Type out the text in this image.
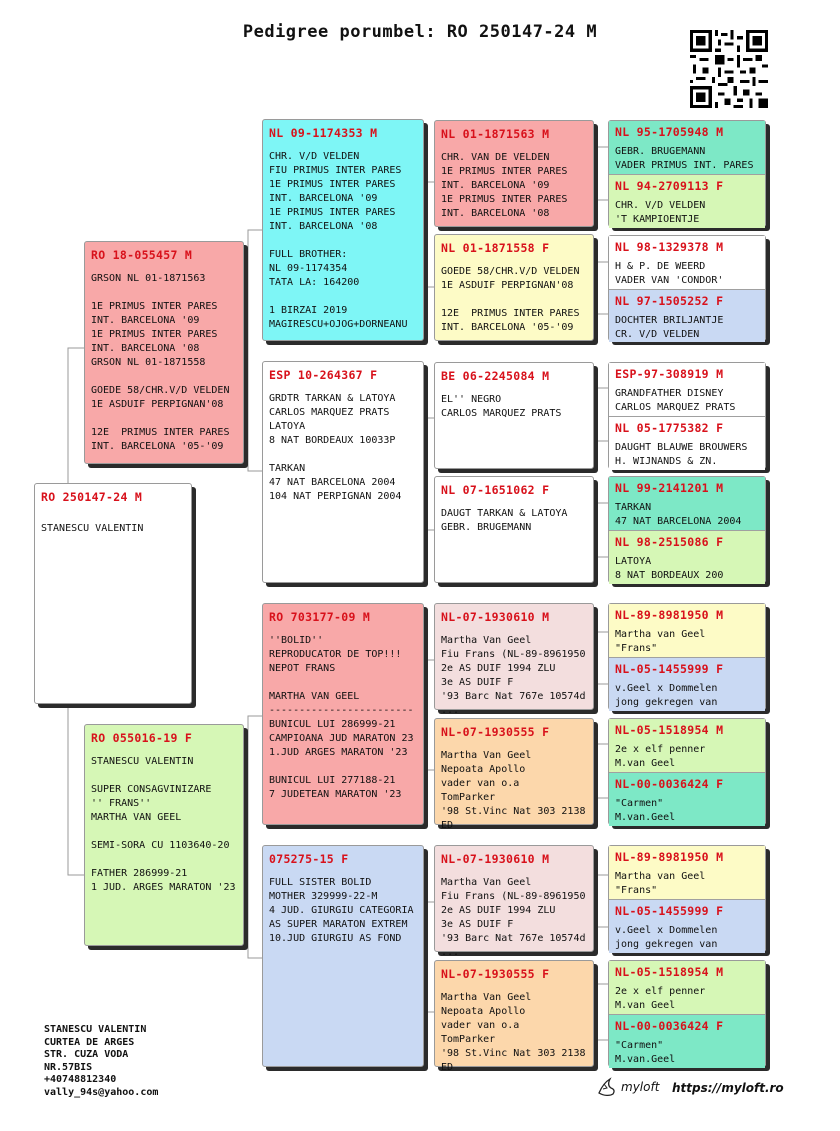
Pedigree porumbel: RO 250147-24 M
RO 250147-24 M
STANESCU VALENTIN
RO 18-055457 M
GRSON NL 01-1871563

1E PRIMUS INTER PARES
INT. BARCELONA '09
1E PRIMUS INTER PARES
INT. BARCELONA '08
GRSON NL 01-1871558

GOEDE 58/CHR.V/D VELDEN
1E ASDUIF PERPIGNAN'08

12E  PRIMUS INTER PARES
INT. BARCELONA '05-'09
RO 055016-19 F
STANESCU VALENTIN

SUPER CONSAGVINIZARE
'' FRANS''
MARTHA VAN GEEL

SEMI-SORA CU 1103640-20

FATHER 286999-21
1 JUD. ARGES MARATON '23
NL 09-1174353 M
CHR. V/D VELDEN
FIU PRIMUS INTER PARES
1E PRIMUS INTER PARES
INT. BARCELONA '09
1E PRIMUS INTER PARES
INT. BARCELONA '08

FULL BROTHER:
NL 09-1174354
TATA LA: 164200

1 BIRZAI 2019
MAGIRESCU+OJOG+DORNEANU
ESP 10-264367 F
GRDTR TARKAN & LATOYA
CARLOS MARQUEZ PRATS
LATOYA
8 NAT BORDEAUX 10033P

TARKAN
47 NAT BARCELONA 2004
104 NAT PERPIGNAN 2004
RO 703177-09 M
''BOLID''
REPRODUCATOR DE TOP!!!
NEPOT FRANS

MARTHA VAN GEEL
------------------------
BUNICUL LUI 286999-21
CAMPIOANA JUD MARATON 23
1.JUD ARGES MARATON '23

BUNICUL LUI 277188-21
7 JUDETEAN MARATON '23
075275-15 F
FULL SISTER BOLID
MOTHER 329999-22-M
4 JUD. GIURGIU CATEGORIA
AS SUPER MARATON EXTREM
10.JUD GIURGIU AS FOND
NL 01-1871563 M
CHR. VAN DE VELDEN
1E PRIMUS INTER PARES
INT. BARCELONA '09
1E PRIMUS INTER PARES
INT. BARCELONA '08
NL 01-1871558 F
GOEDE 58/CHR.V/D VELDEN
1E ASDUIF PERPIGNAN'08

12E  PRIMUS INTER PARES
INT. BARCELONA '05-'09
BE 06-2245084 M
EL'' NEGRO
CARLOS MARQUEZ PRATS
NL 07-1651062 F
DAUGT TARKAN & LATOYA
GEBR. BRUGEMANN
NL-07-1930610 M
Martha Van Geel
Fiu Frans (NL-89-8961950
2e AS DUIF 1994 ZLU
3e AS DUIF F
'93 Barc Nat 767e 10574d
...
NL-07-1930555 F
Martha Van Geel
Nepoata Apollo
vader van o.a
TomParker
'98 St.Vinc Nat 303 2138
ED
NL-07-1930610 M
Martha Van Geel
Fiu Frans (NL-89-8961950
2e AS DUIF 1994 ZLU
3e AS DUIF F
'93 Barc Nat 767e 10574d
...
NL-07-1930555 F
Martha Van Geel
Nepoata Apollo
vader van o.a
TomParker
'98 St.Vinc Nat 303 2138
ED
NL 95-1705948 M
GEBR. BRUGEMANN
VADER PRIMUS INT. PARES
NL 94-2709113 F
CHR. V/D VELDEN
'T KAMPIOENTJE
NL 98-1329378 M
H & P. DE WEERD
VADER VAN 'CONDOR'
NL 97-1505252 F
DOCHTER BRILJANTJE
CR. V/D VELDEN
ESP-97-308919 M
GRANDFATHER DISNEY
CARLOS MARQUEZ PRATS
NL 05-1775382 F
DAUGHT BLAUWE BROUWERS
H. WIJNANDS & ZN.
NL 99-2141201 M
TARKAN
47 NAT BARCELONA 2004
NL 98-2515086 F
LATOYA
8 NAT BORDEAUX 200
NL-89-8981950 M
Martha van Geel
"Frans"
NL-05-1455999 F
v.Geel x Dommelen
jong gekregen van
NL-05-1518954 M
2e x elf penner
M.van Geel
NL-00-0036424 F
"Carmen"
M.van.Geel
NL-89-8981950 M
Martha van Geel
"Frans"
NL-05-1455999 F
v.Geel x Dommelen
jong gekregen van
NL-05-1518954 M
2e x elf penner
M.van Geel
NL-00-0036424 F
"Carmen"
M.van.Geel
STANESCU VALENTIN
CURTEA DE ARGES
STR. CUZA VODA
NR.57BIS
+40748812340
vally_94s@yahoo.com	myloft https://myloft.ro
